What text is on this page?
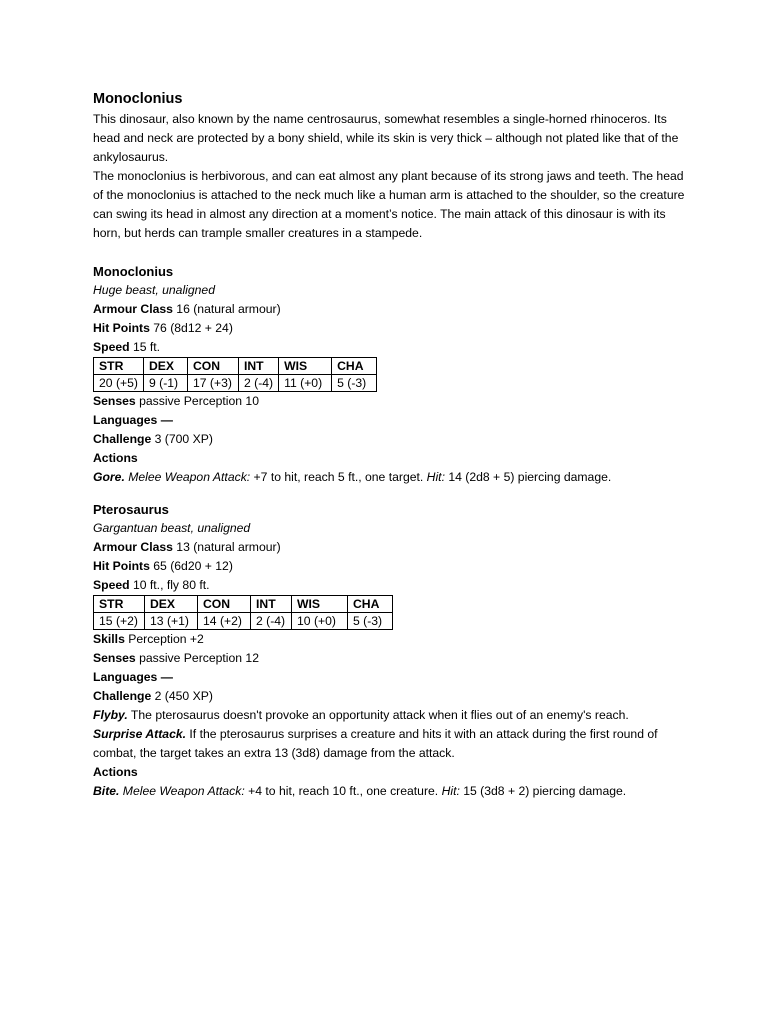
Monoclonius

This dinosaur, also known by the name centrosaurus, somewhat resembles a single-horned rhinoceros. Its head and neck are protected by a bony shield, while its skin is very thick – although not plated like that of the ankylosaurus.

The monoclonius is herbivorous, and can eat almost any plant because of its strong jaws and teeth. The head of the monoclonius is attached to the neck much like a human arm is attached to the shoulder, so the creature can swing its head in almost any direction at a moment’s notice. The main attack of this dinosaur is with its horn, but herds can trample smaller creatures in a stampede.

Monoclonius

Huge beast, unaligned

Armour Class 16 (natural armour)

Hit Points 76 (8d12 + 24)

Speed 15 ft.

STR	DEX	CON	INT	WIS	CHA
20 (+5)	9 (-1)	17 (+3)	2 (-4)	11 (+0)	5 (-3)

Senses passive Perception 10

Languages —

Challenge 3 (700 XP)

Actions

Gore. Melee Weapon Attack: +7 to hit, reach 5 ft., one target. Hit: 14 (2d8 + 5) piercing damage.

Pterosaurus

Gargantuan beast, unaligned

Armour Class 13 (natural armour)

Hit Points 65 (6d20 + 12)

Speed 10 ft., fly 80 ft.

STR	DEX	CON	INT	WIS	CHA
15 (+2)	13 (+1)	14 (+2)	2 (-4)	10 (+0)	5 (-3)

Skills Perception +2

Senses passive Perception 12

Languages —

Challenge 2 (450 XP)

Flyby. The pterosaurus doesn't provoke an opportunity attack when it flies out of an enemy's reach.

Surprise Attack. If the pterosaurus surprises a creature and hits it with an attack during the first round of combat, the target takes an extra 13 (3d8) damage from the attack.

Actions

Bite. Melee Weapon Attack: +4 to hit, reach 10 ft., one creature. Hit: 15 (3d8 + 2) piercing damage.
